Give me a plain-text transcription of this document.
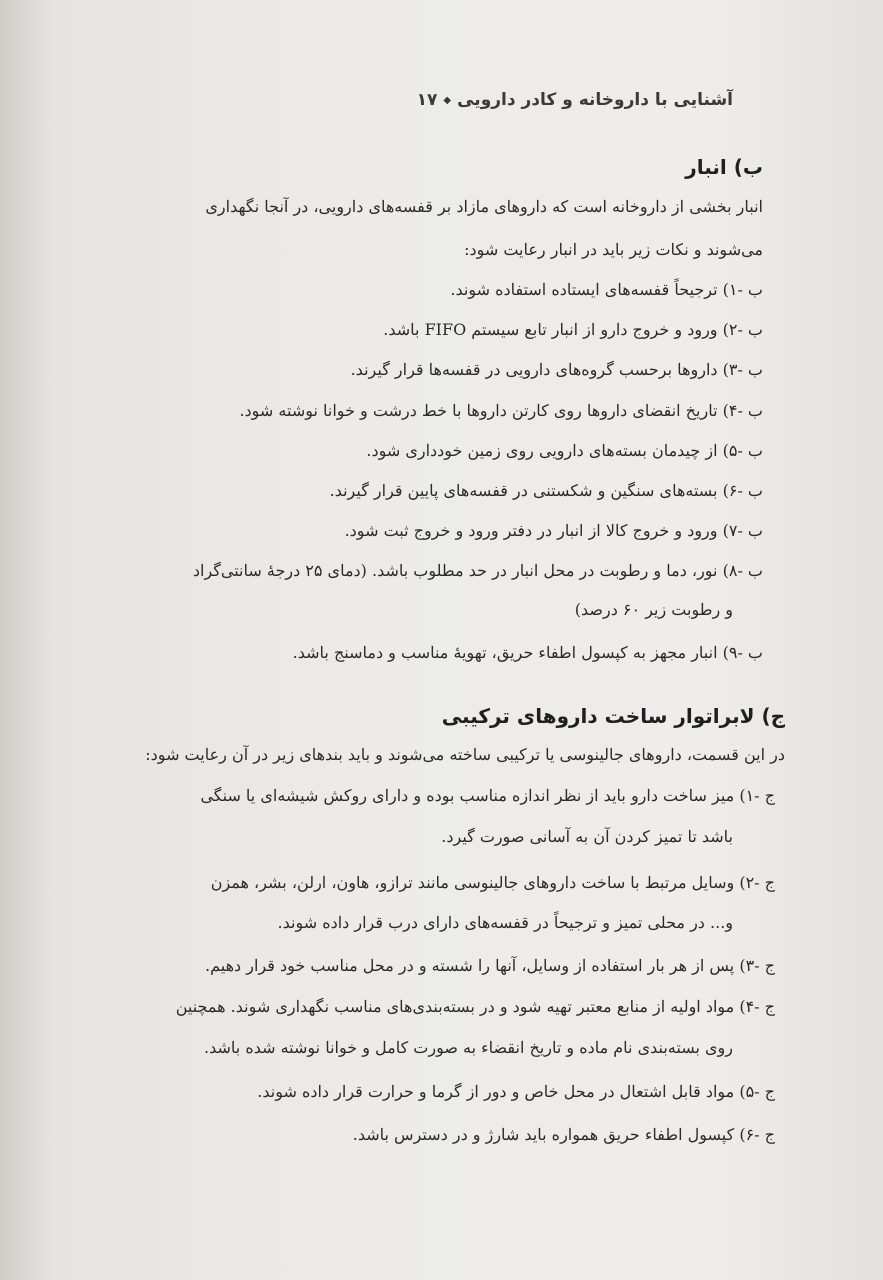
آشنایی با داروخانه و کادر دارویی◆۱۷
ب) انبار
انبار بخشی از داروخانه است که داروهای مازاد بر قفسه‌های دارویی، در آنجا نگهداری
می‌شوند و نکات زیر باید در انبار رعایت شود:
ب -۱) ترجیحاً قفسه‌های ایستاده استفاده شوند.
ب -۲) ورود و خروج دارو از انبار تابع سیستم FIFO باشد.
ب -۳) داروها برحسب گروه‌های دارویی در قفسه‌ها قرار گیرند.
ب -۴) تاریخ انقضای داروها روی کارتن داروها با خط درشت و خوانا نوشته شود.
ب -۵) از چیدمان بسته‌های دارویی روی زمین خودداری شود.
ب -۶) بسته‌های سنگین و شکستنی در قفسه‌های پایین قرار گیرند.
ب -۷) ورود و خروج کالا از انبار در دفتر ورود و خروج ثبت شود.
ب -۸) نور، دما و رطوبت در محل انبار در حد مطلوب باشد. (دمای ۲۵ درجهٔ سانتی‌گراد
و رطوبت زیر ۶۰ درصد)
ب -۹) انبار مجهز به کپسول اطفاء حریق، تهویهٔ مناسب و دماسنج باشد.
ج) لابراتوار ساخت داروهای ترکیبی
در این قسمت، داروهای جالینوسی یا ترکیبی ساخته می‌شوند و باید بندهای زیر در آن رعایت شود:
ج -۱) میز ساخت دارو باید از نظر اندازه مناسب بوده و دارای روکش شیشه‌ای یا سنگی
باشد تا تمیز کردن آن به آسانی صورت گیرد.
ج -۲) وسایل مرتبط با ساخت داروهای جالینوسی مانند ترازو، هاون، ارلن، بشر، همزن
و... در محلی تمیز و ترجیحاً در قفسه‌های دارای درب قرار داده شوند.
ج -۳) پس از هر بار استفاده از وسایل، آنها را شسته و در محل مناسب خود قرار دهیم.
ج -۴) مواد اولیه از منابع معتبر تهیه شود و در بسته‌بندی‌های مناسب نگهداری شوند. همچنین
روی بسته‌بندی نام ماده و تاریخ انقضاء به صورت کامل و خوانا نوشته شده باشد.
ج -۵) مواد قابل اشتعال در محل خاص و دور از گرما و حرارت قرار داده شوند.
ج -۶) کپسول اطفاء حریق همواره باید شارژ و در دسترس باشد.
